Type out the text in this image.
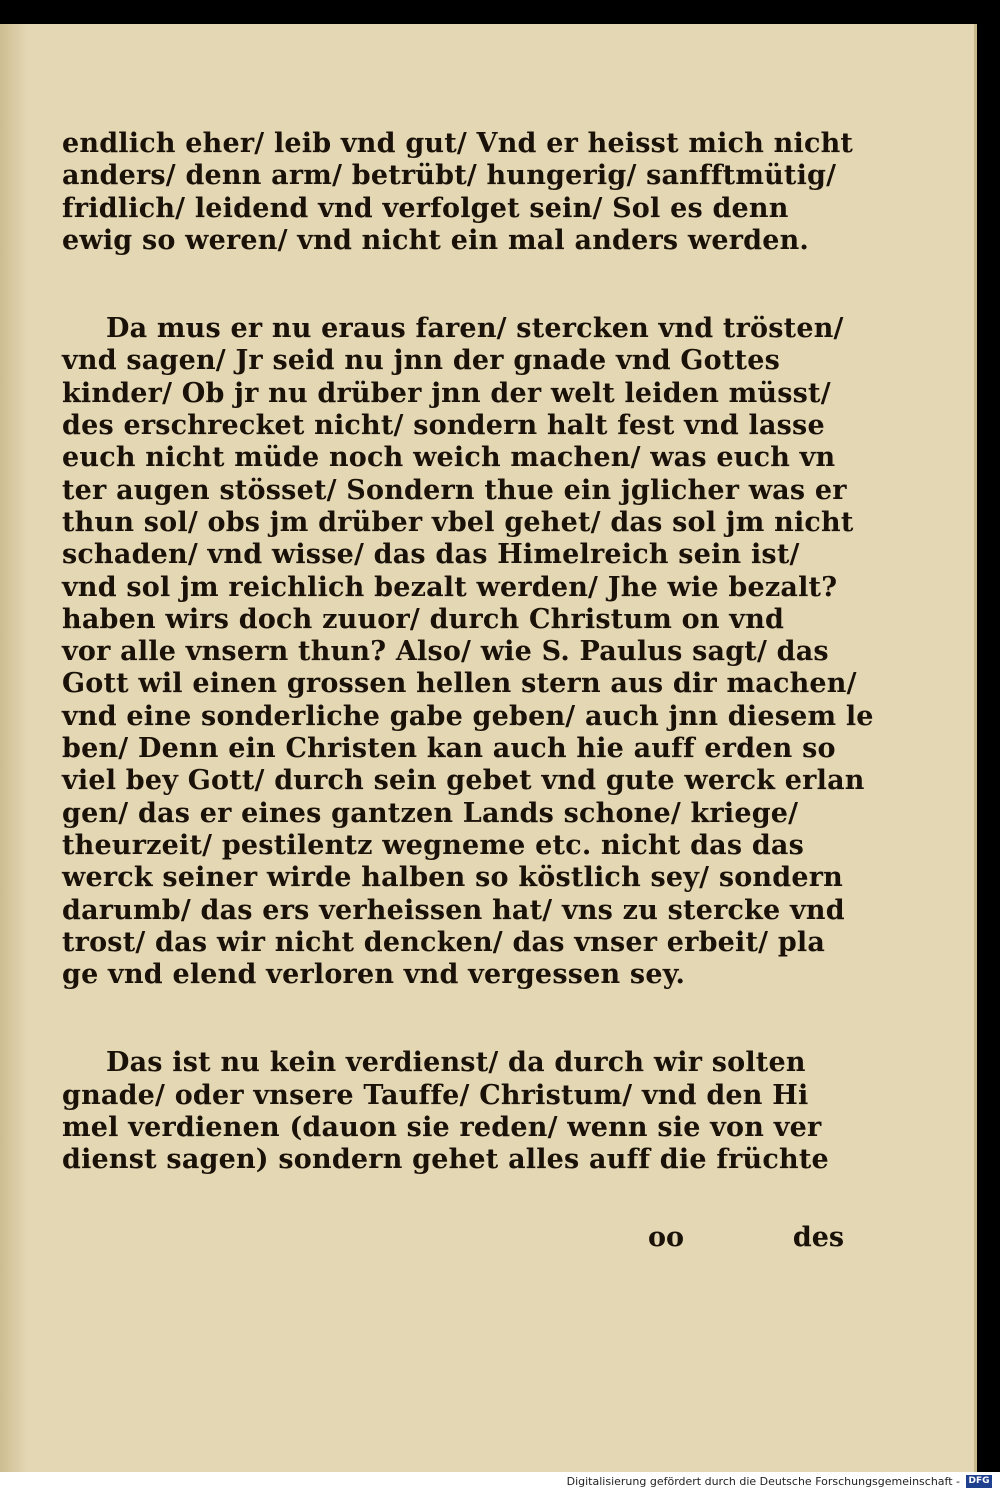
endlich eher/ leib vnd gut/ Vnd er heisst mich nicht
anders/ denn arm/ betrübt/ hungerig/ sanfftmütig/
fridlich/ leidend vnd verfolget sein/ Sol es denn
ewig so weren/ vnd nicht ein mal anders werden.
Da mus er nu eraus faren/ stercken vnd trösten/
vnd sagen/ Jr seid nu jnn der gnade vnd Gottes
kinder/ Ob jr nu drüber jnn der welt leiden müsst/
des erschrecket nicht/ sondern halt fest vnd lasse
euch nicht müde noch weich machen/ was euch vn
ter augen stösset/ Sondern thue ein jglicher was er
thun sol/ obs jm drüber vbel gehet/ das sol jm nicht
schaden/ vnd wisse/ das das Himelreich sein ist/
vnd sol jm reichlich bezalt werden/ Jhe wie bezalt?
haben wirs doch zuuor/ durch Christum on vnd
vor alle vnsern thun? Also/ wie S. Paulus sagt/ das
Gott wil einen grossen hellen stern aus dir machen/
vnd eine sonderliche gabe geben/ auch jnn diesem le
ben/ Denn ein Christen kan auch hie auff erden so
viel bey Gott/ durch sein gebet vnd gute werck erlan
gen/ das er eines gantzen Lands schone/ kriege/
theurzeit/ pestilentz wegneme etc. nicht das das
werck seiner wirde halben so köstlich sey/ sondern
darumb/ das ers verheissen hat/ vns zu stercke vnd
trost/ das wir nicht dencken/ das vnser erbeit/ pla
ge vnd elend verloren vnd vergessen sey.
Das ist nu kein verdienst/ da durch wir solten
gnade/ oder vnsere Tauffe/ Christum/ vnd den Hi
mel verdienen (dauon sie reden/ wenn sie von ver
dienst sagen) sondern gehet alles auff die früchte
oo	des
Digitalisierung gefördert durch die Deutsche Forschungsgemeinschaft - DFG
